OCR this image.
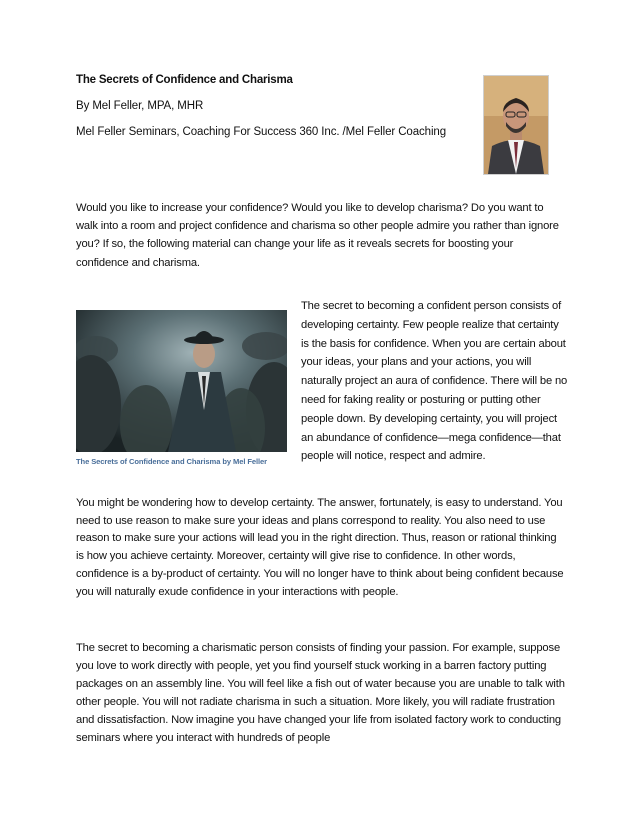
The Secrets of Confidence and Charisma
By Mel Feller, MPA, MHR
Mel Feller Seminars, Coaching For Success 360 Inc. /Mel Feller Coaching

Would you like to increase your confidence? Would you like to develop charisma? Do you want to walk into a room and project confidence and charisma so other people admire you rather than ignore you? If so, the following material can change your life as it reveals secrets for boosting your confidence and charisma.

The Secrets of Confidence and Charisma by Mel Feller

The secret to becoming a confident person consists of developing certainty. Few people realize that certainty is the basis for confidence. When you are certain about your ideas, your plans and your actions, you will naturally project an aura of confidence. There will be no need for faking reality or posturing or putting other people down. By developing certainty, you will project an abundance of confidence—mega confidence—that people will notice, respect and admire.

You might be wondering how to develop certainty. The answer, fortunately, is easy to understand. You need to use reason to make sure your ideas and plans correspond to reality. You also need to use reason to make sure your actions will lead you in the right direction. Thus, reason or rational thinking is how you achieve certainty. Moreover, certainty will give rise to confidence. In other words, confidence is a by-product of certainty. You will no longer have to think about being confident because you will naturally exude confidence in your interactions with people.

The secret to becoming a charismatic person consists of finding your passion. For example, suppose you love to work directly with people, yet you find yourself stuck working in a barren factory putting packages on an assembly line. You will feel like a fish out of water because you are unable to talk with other people. You will not radiate charisma in such a situation. More likely, you will radiate frustration and dissatisfaction. Now imagine you have changed your life from isolated factory work to conducting seminars where you interact with hundreds of people
